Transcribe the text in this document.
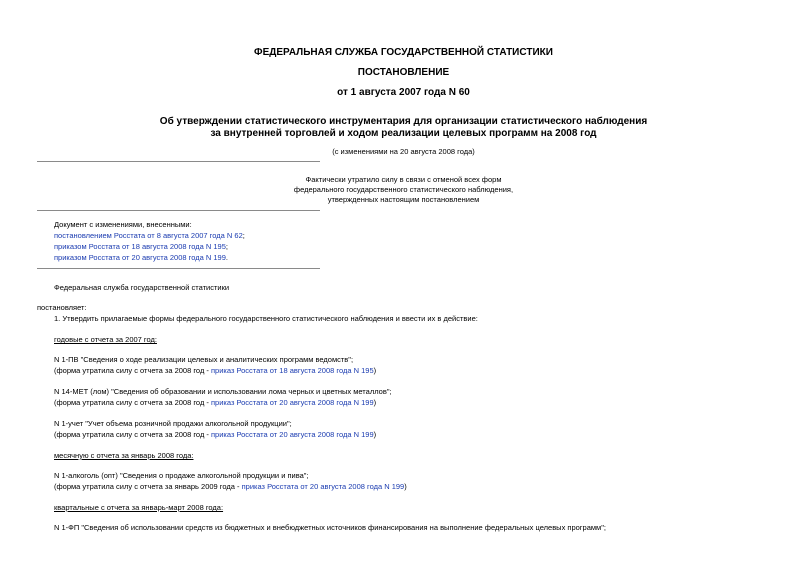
ФЕДЕРАЛЬНАЯ СЛУЖБА ГОСУДАРСТВЕННОЙ СТАТИСТИКИ
ПОСТАНОВЛЕНИЕ
от 1 августа 2007 года N 60
Об утверждении статистического инструментария для организации статистического наблюдения
за внутренней торговлей и ходом реализации целевых программ на 2008 год
(с изменениями на 20 августа 2008 года)
Фактически утратило силу в связи с отменой всех форм
федерального государственного статистического наблюдения,
утвержденных настоящим постановлением
Документ с изменениями, внесенными:
постановлением Росстата от 8 августа 2007 года N 62;
приказом Росстата от 18 августа 2008 года N 195;
приказом Росстата от 20 августа 2008 года N 199.
Федеральная служба государственной статистики
постановляет:
1. Утвердить прилагаемые формы федерального государственного статистического наблюдения и ввести их в действие:
годовые с отчета за 2007 год:
N 1-ПВ "Сведения о ходе реализации целевых и аналитических программ ведомств";
(форма утратила силу с отчета за 2008 год - приказ Росстата от 18 августа 2008 года N 195)
N 14-МЕТ (лом) "Сведения об образовании и использовании лома черных и цветных металлов";
(форма утратила силу с отчета за 2008 год - приказ Росстата от 20 августа 2008 года N 199)
N 1-учет "Учет объема розничной продажи алкогольной продукции";
(форма утратила силу с отчета за 2008 год - приказ Росстата от 20 августа 2008 года N 199)
месячную с отчета за январь 2008 года:
N 1-алкоголь (опт) "Сведения о продаже алкогольной продукции и пива";
(форма утратила силу с отчета за январь 2009 года - приказ Росстата от 20 августа 2008 года N 199)
квартальные с отчета за январь-март 2008 года:
N 1-ФП "Сведения об использовании средств из бюджетных и внебюджетных источников финансирования на выполнение федеральных целевых программ";
